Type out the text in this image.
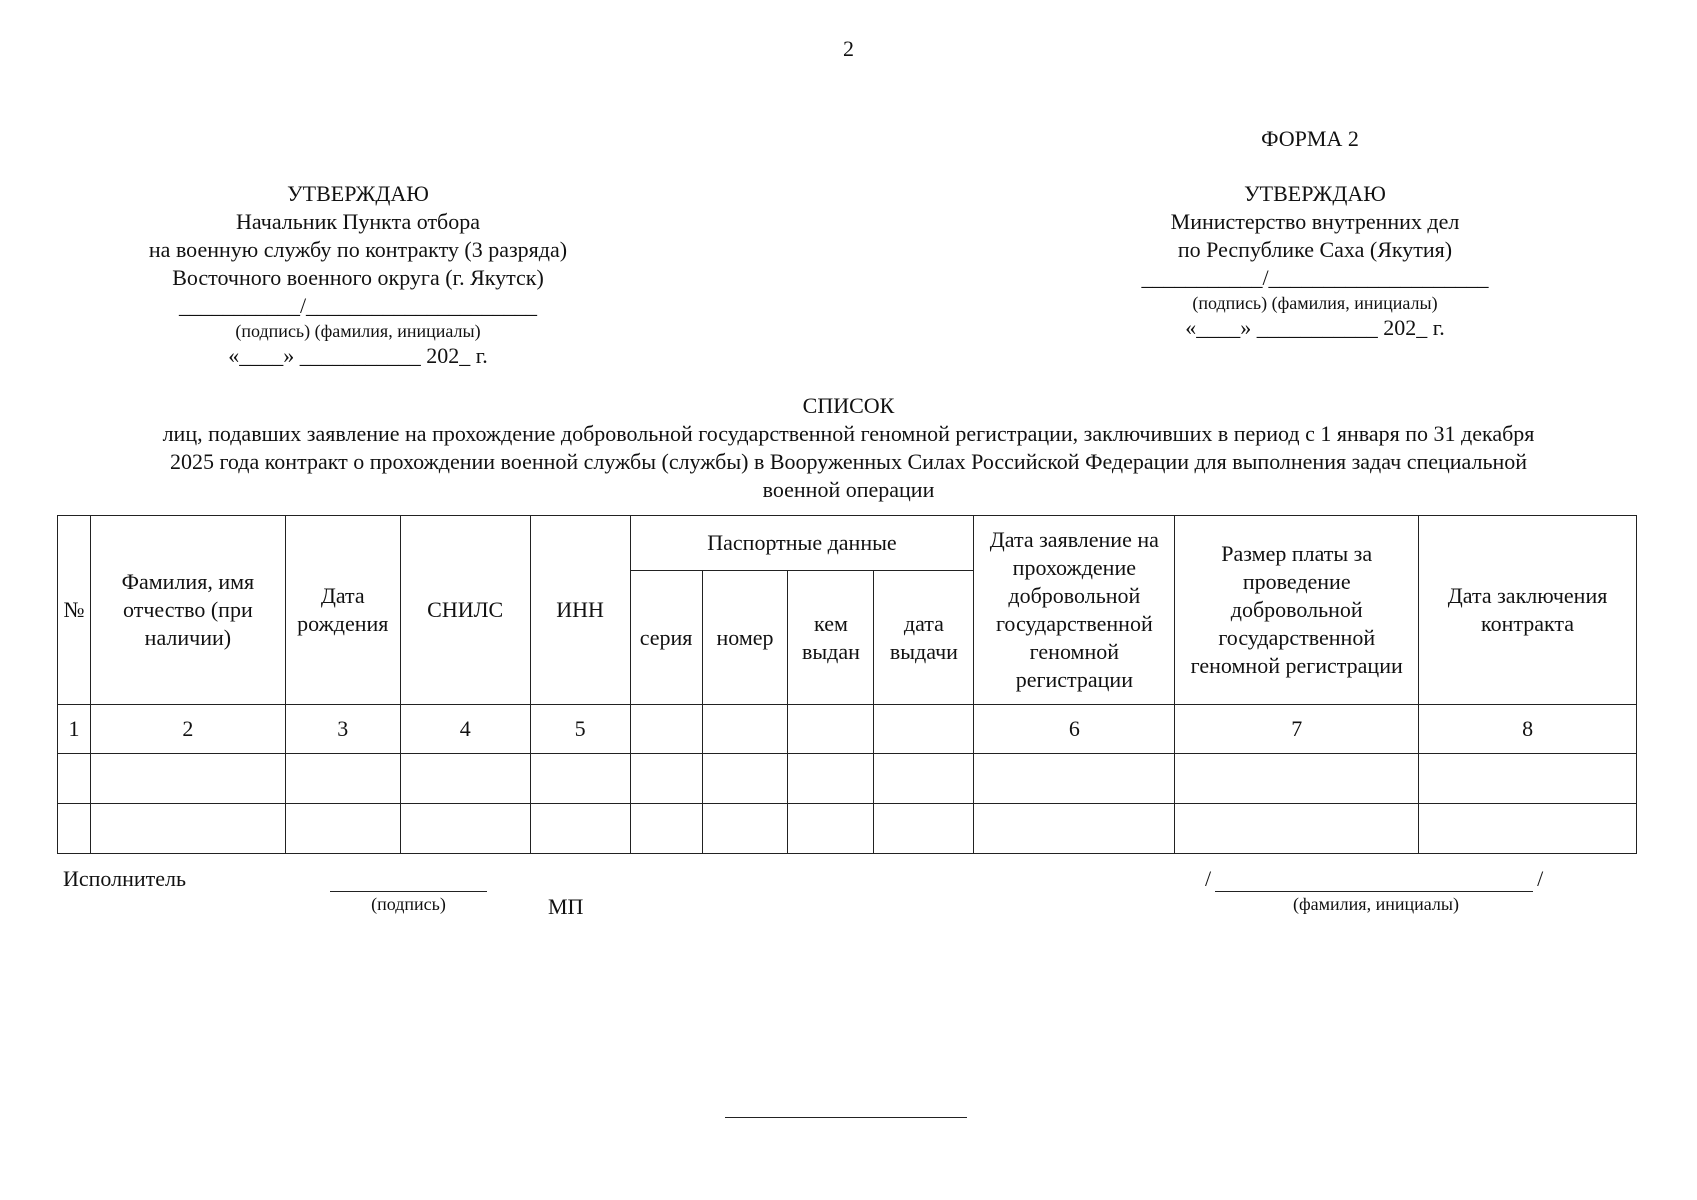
2
ФОРМА 2
УТВЕРЖДАЮ
Начальник Пункта отбора
на военную службу по контракту (3 разряда)
Восточного военного округа (г. Якутск)
___________/_____________________
(подпись) (фамилия, инициалы)
«____» ___________ 202_ г.
УТВЕРЖДАЮ
Министерство внутренних дел
по Республике Саха (Якутия)
___________/____________________
(подпись) (фамилия, инициалы)
«____» ___________ 202_ г.
СПИСОК
лиц, подавших заявление на прохождение добровольной государственной геномной регистрации, заключивших в период с 1 января по 31 декабря
2025 года контракт о прохождении военной службы (службы) в Вооруженных Силах Российской Федерации для выполнения задач специальной
военной операции
№	Фамилия, имя отчество (при наличии)	Дата рождения	СНИЛС	ИНН	Паспортные данные				Дата заявление на прохождение добровольной государственной геномной регистрации	Размер платы за проведение добровольной государственной геномной регистрации	Дата заключения контракта
					серия	номер	кем выдан	дата выдачи			
1	2	3	4	5					6	7	8

Исполнитель
(подпись)	МП
/	/
(фамилия, инициалы)
